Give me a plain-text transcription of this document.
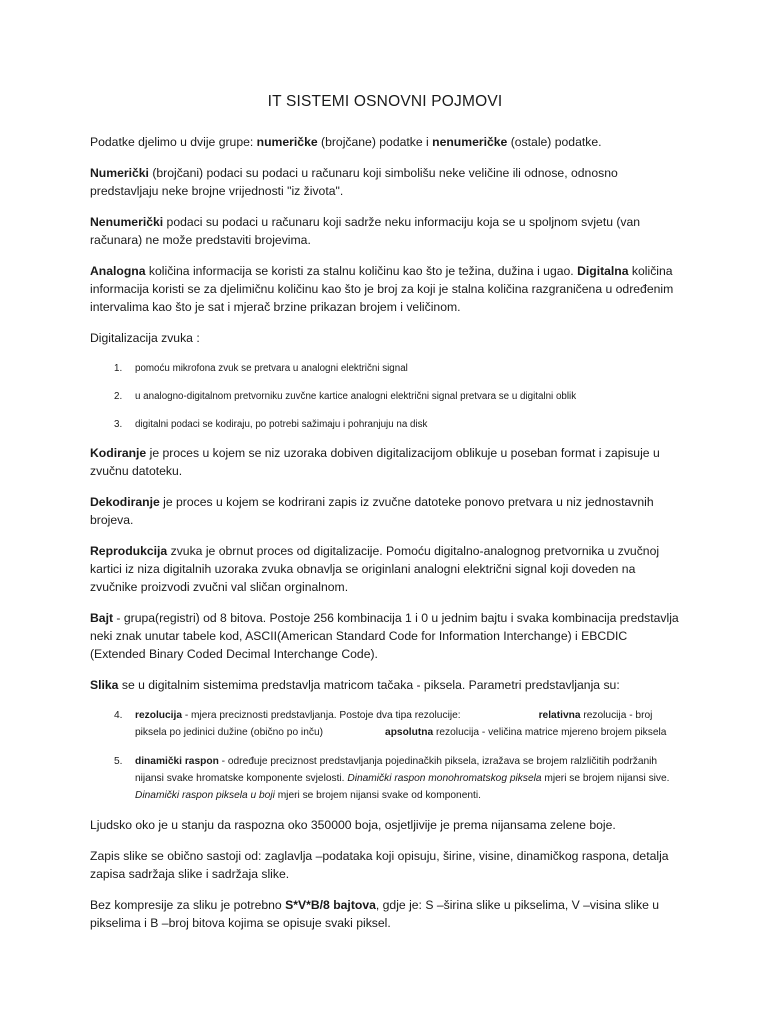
IT SISTEMI OSNOVNI POJMOVI

Podatke djelimo u dvije grupe: numeričke (brojčane) podatke i nenumeričke (ostale) podatke.

Numerički (brojčani) podaci su podaci u računaru koji simbolišu neke veličine ili odnose, odnosno predstavljaju neke brojne vrijednosti "iz života".

Nenumerički podaci su podaci u računaru koji sadrže neku informaciju koja se u spoljnom svjetu (van računara) ne može predstaviti brojevima.

Analogna količina informacija se koristi za stalnu količinu kao što je težina, dužina i ugao. Digitalna količina informacija koristi se za djelimičnu količinu kao što je broj za koji je stalna količina razgraničena u određenim intervalima kao što je sat i mjerač brzine prikazan brojem i veličinom.

Digitalizacija zvuka :

1. pomoću mikrofona zvuk se pretvara u analogni električni signal
2. u analogno-digitalnom pretvorniku zuvčne kartice analogni električni signal pretvara se u digitalni oblik
3. digitalni podaci se kodiraju, po potrebi sažimaju i pohranjuju na disk

Kodiranje je proces u kojem se niz uzoraka dobiven digitalizacijom oblikuje u poseban format i zapisuje u zvučnu datoteku.

Dekodiranje je proces u kojem se kodrirani zapis iz zvučne datoteke ponovo pretvara u niz jednostavnih brojeva.

Reprodukcija zvuka je obrnut proces od digitalizacije. Pomoću digitalno-analognog pretvornika u zvučnoj kartici iz niza digitalnih uzoraka zvuka obnavlja se originlani analogni električni signal koji doveden na zvučnike proizvodi zvučni val sličan orginalnom.

Bajt - grupa(registri) od 8 bitova. Postoje 256 kombinacija 1 i 0 u jednim bajtu i svaka kombinacija predstavlja neki znak unutar tabele kod, ASCII(American Standard Code for Information Interchange) i EBCDIC (Extended Binary Coded Decimal Interchange Code).

Slika se u digitalnim sistemima predstavlja matricom tačaka - piksela. Parametri predstavljanja su:

4. rezolucija - mjera preciznosti predstavljanja. Postoje dva tipa rezolucije:	relativna rezolucija - broj piksela po jedinici dužine (obično po inču)	apsolutna rezolucija - veličina matrice mjereno brojem piksela
5. dinamički raspon - određuje preciznost predstavljanja pojedinačkih piksela, izražava se brojem ralzličitih podržanih nijansi svake hromatske komponente svjelosti. Dinamički raspon monohromatskog piksela mjeri se brojem nijansi sive. Dinamički raspon piksela u boji mjeri se brojem nijansi svake od komponenti.

Ljudsko oko je u stanju da raspozna oko 350000 boja, osjetljivije je prema nijansama zelene boje.

Zapis slike se obično sastoji od: zaglavlja –podataka koji opisuju, širine, visine, dinamičkog raspona, detalja zapisa sadržaja slike i sadržaja slike.

Bez kompresije za sliku je potrebno S*V*B/8 bajtova, gdje je: S –širina slike u pikselima, V –visina slike u pikselima i B –broj bitova kojima se opisuje svaki piksel.
